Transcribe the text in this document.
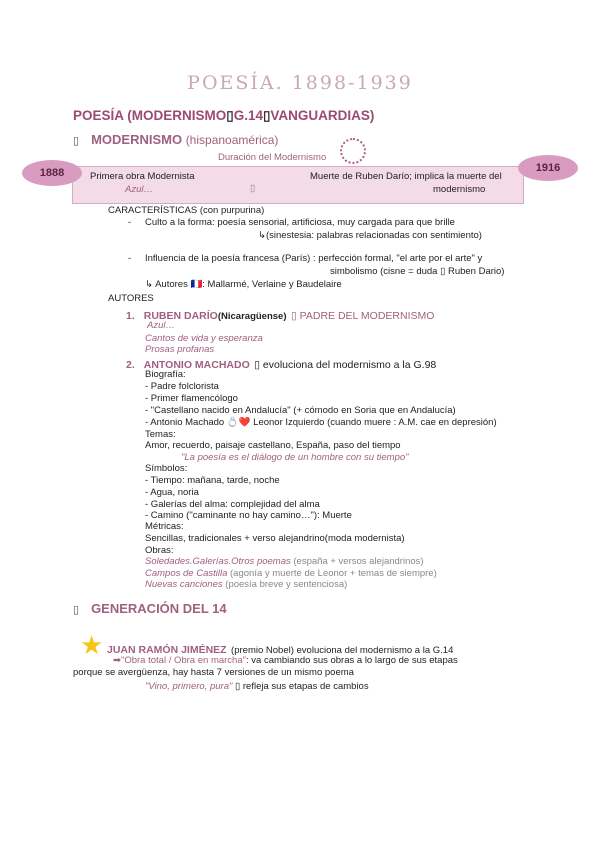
POESÍA. 1898-1939
POESÍA (MODERNISMO▯G.14▯VANGUARDIAS)
▯ MODERNISMO (hispanoamérica)
Duración del Modernismo
1888	1916
Primera obra Modernista
Azul…	▯
Muerte de Ruben Darío; implica la muerte del
modernismo
CARACTERÍSTICAS (con purpurina)
- Culto a la forma: poesía sensorial, artificiosa, muy cargada para que brille
↳(sinestesia: palabras relacionadas con sentimiento)
- Influencia de la poesía francesa (París) : perfección formal, "el arte por el arte" y
simbolismo (cisne = duda ▯ Ruben Dario)
↳ Autores 🇫🇷: Mallarmé, Verlaine y Baudelaire
AUTORES
1. RUBEN DARÍO(Nicaragüense) ▯ PADRE DEL MODERNISMO
Azul…
Cantos de vida y esperanza
Prosas profanas
2. ANTONIO MACHADO ▯ evoluciona del modernismo a la G.98
Biografía:
- Padre folclorista
- Primer flamencólogo
- "Castellano nacido en Andalucía" (+ cómodo en Soria que en Andalucía)
- Antonio Machado 💍❤️ Leonor Izquierdo (cuando muere : A.M. cae en depresión)
Temas:
Amor, recuerdo, paisaje castellano, España, paso del tiempo
"La poesía es el diálogo de un hombre con su tiempo"
Símbolos:
- Tiempo: mañana, tarde, noche
- Agua, noria
- Galerías del alma: complejidad del alma
- Camino ("caminante no hay camino…"): Muerte
Métricas:
Sencillas, tradicionales + verso alejandrino(moda modernista)
Obras:
Soledades.Galerías.Otros poemas (españa + versos alejandrinos)
Campos de Castilla (agonía y muerte de Leonor + temas de siempre)
Nuevas canciones (poesía breve y sentenciosa)
▯ GENERACIÓN DEL 14
★ JUAN RAMÓN JIMÉNEZ (premio Nobel) evoluciona del modernismo a la G.14
➡"Obra total / Obra en marcha": va cambiando sus obras a lo largo de sus etapas
porque se avergüenza, hay hasta 7 versiones de un mismo poema
"Vino, primero, pura" ▯ refleja sus etapas de cambios
